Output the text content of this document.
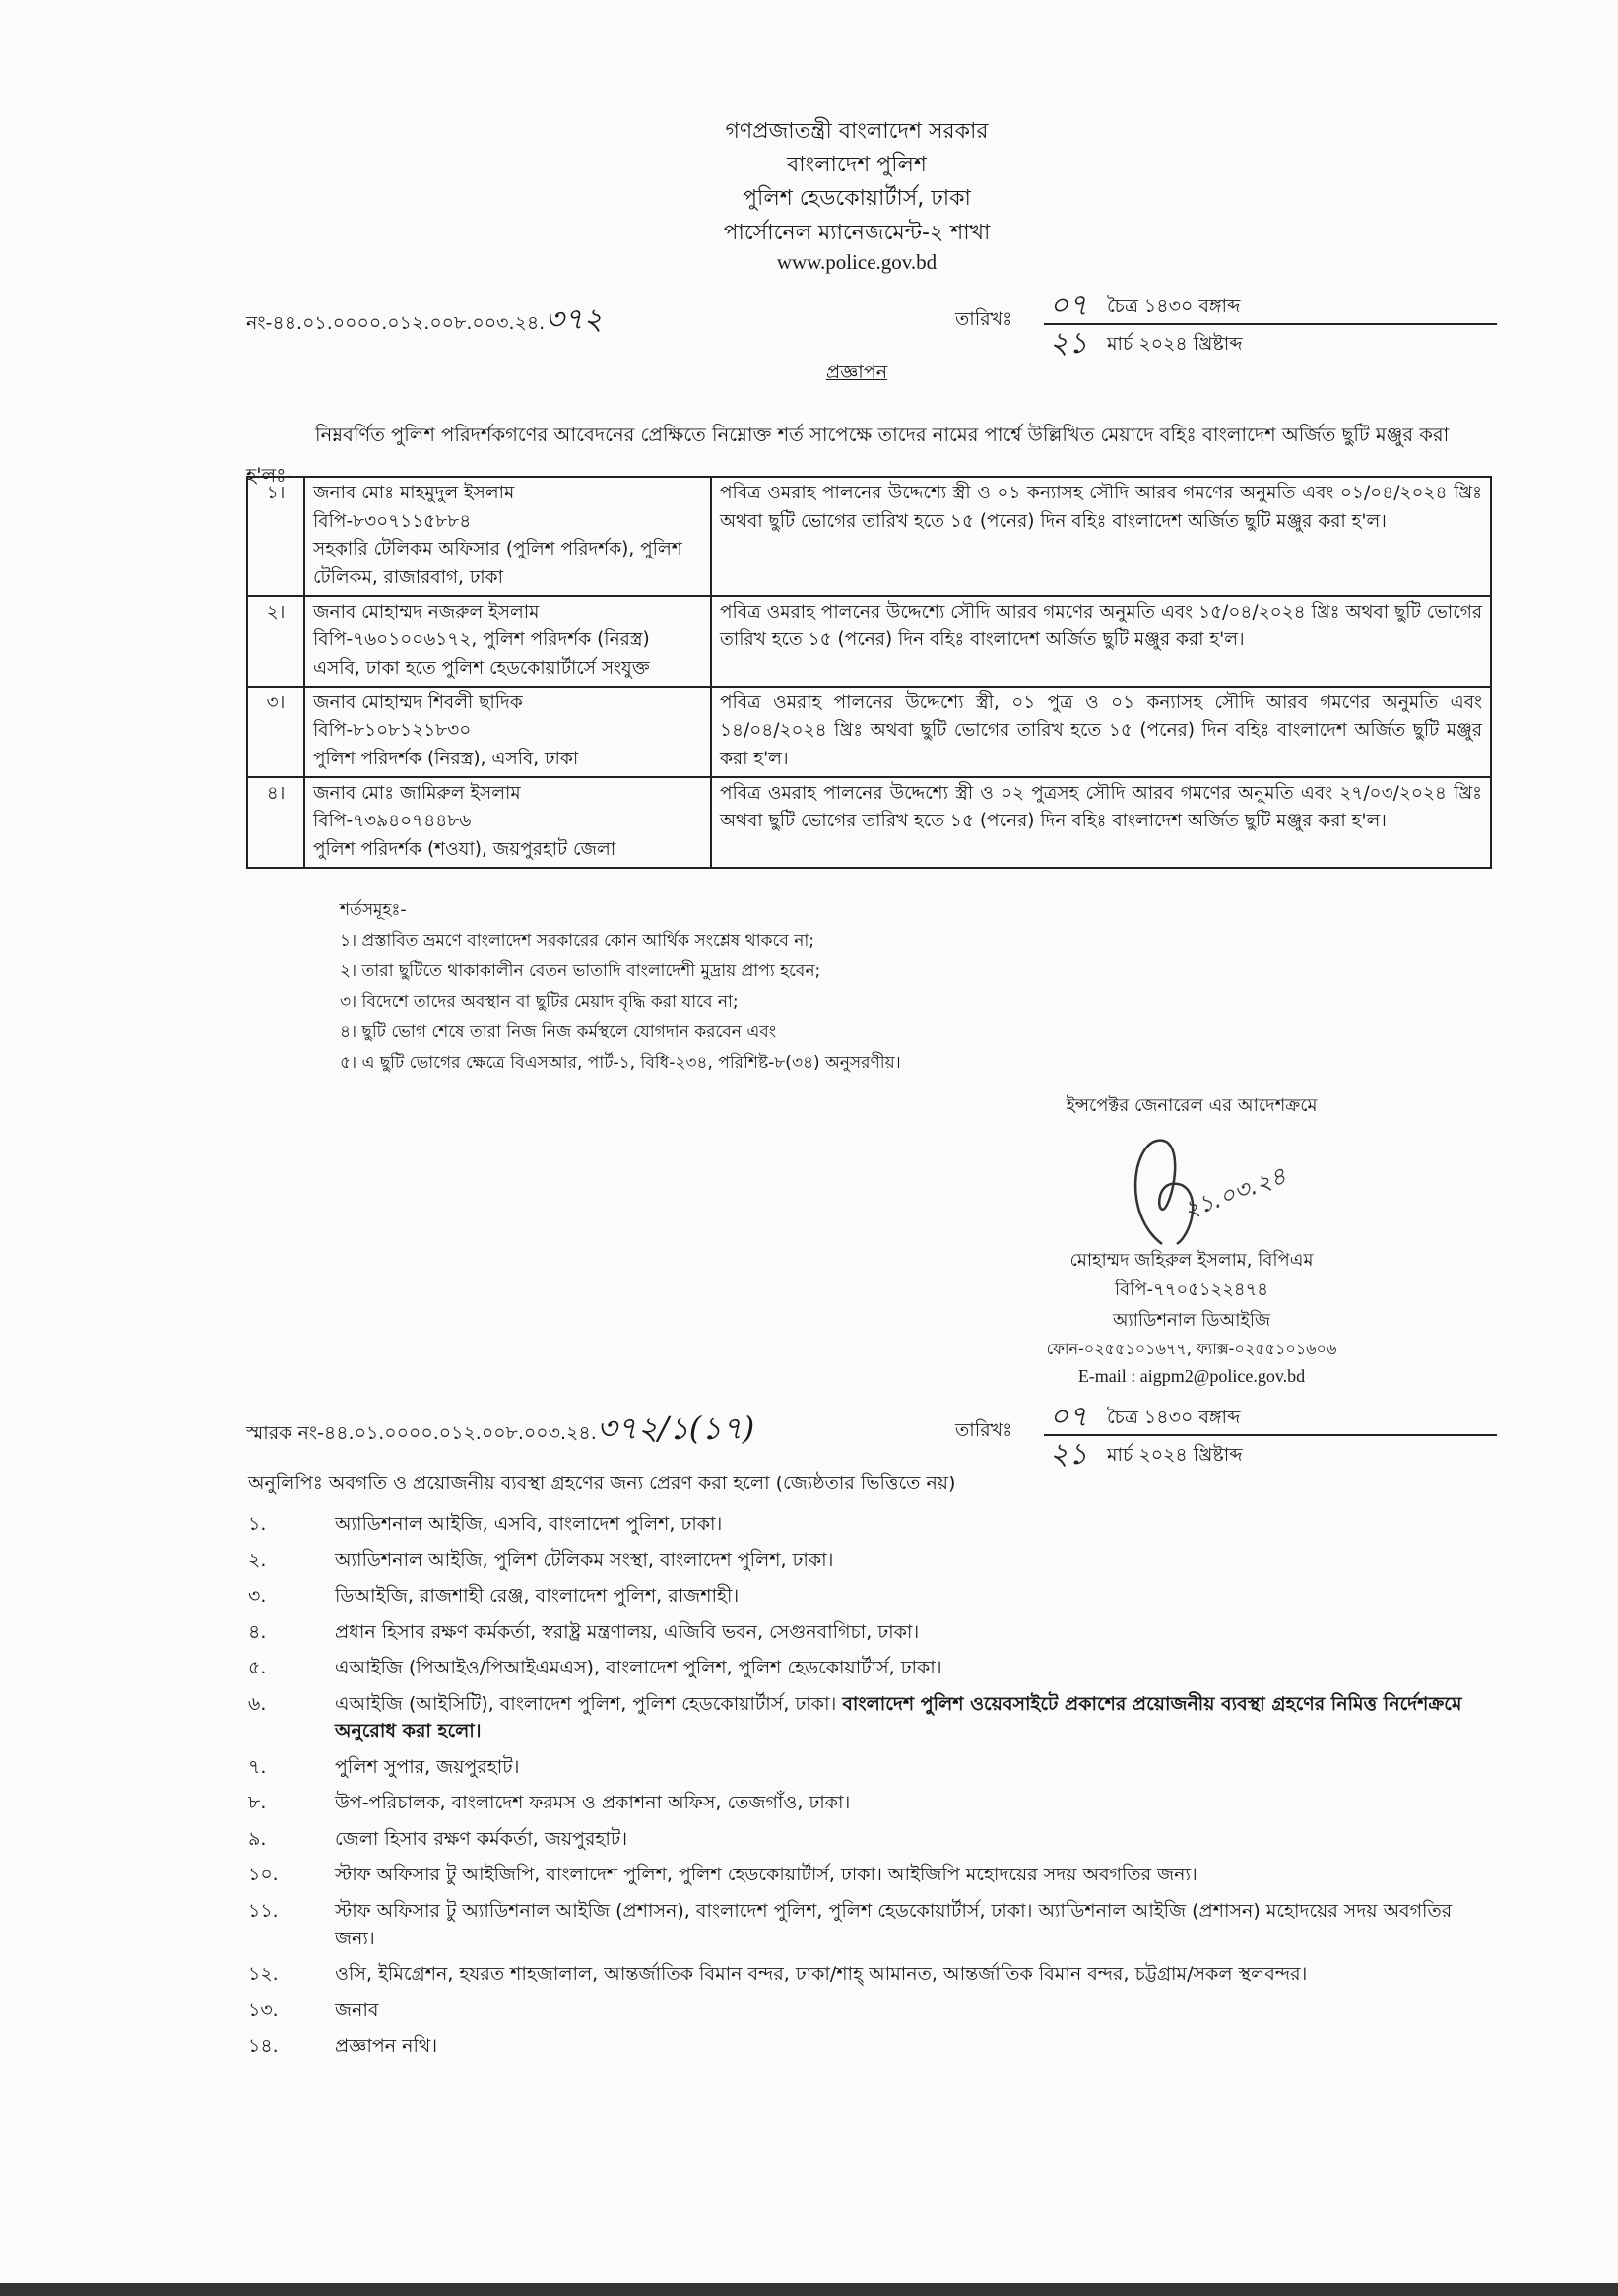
গণপ্রজাতন্ত্রী বাংলাদেশ সরকার
বাংলাদেশ পুলিশ
পুলিশ হেডকোয়ার্টার্স, ঢাকা
পার্সোনেল ম্যানেজমেন্ট-২ শাখা
www.police.gov.bd
নং-৪৪.০১.০০০০.০১২.০০৮.০০৩.২৪.৩৭২	তারিখঃ ০৭ চৈত্র ১৪৩০ বঙ্গাব্দ
২১ মার্চ ২০২৪ খ্রিষ্টাব্দ
প্রজ্ঞাপন
নিম্নবর্ণিত পুলিশ পরিদর্শকগণের আবেদনের প্রেক্ষিতে নিম্নোক্ত শর্ত সাপেক্ষে তাদের নামের পার্শ্বে উল্লিখিত মেয়াদে বহিঃ বাংলাদেশ অর্জিত ছুটি মঞ্জুর করা হ'লঃ-
১।	জনাব মোঃ মাহমুদুল ইসলাম
বিপি-৮৩০৭১১৫৮৮৪
সহকারি টেলিকম অফিসার (পুলিশ পরিদর্শক), পুলিশ টেলিকম, রাজারবাগ, ঢাকা	পবিত্র ওমরাহ পালনের উদ্দেশ্যে স্ত্রী ও ০১ কন্যাসহ সৌদি আরব গমণের অনুমতি এবং ০১/০৪/২০২৪ খ্রিঃ অথবা ছুটি ভোগের তারিখ হতে ১৫ (পনের) দিন বহিঃ বাংলাদেশ অর্জিত ছুটি মঞ্জুর করা হ'ল।
২।	জনাব মোহাম্মদ নজরুল ইসলাম
বিপি-৭৬০১০০৬১৭২, পুলিশ পরিদর্শক (নিরস্ত্র)
এসবি, ঢাকা হতে পুলিশ হেডকোয়ার্টার্সে সংযুক্ত	পবিত্র ওমরাহ পালনের উদ্দেশ্যে সৌদি আরব গমণের অনুমতি এবং ১৫/০৪/২০২৪ খ্রিঃ অথবা ছুটি ভোগের তারিখ হতে ১৫ (পনের) দিন বহিঃ বাংলাদেশ অর্জিত ছুটি মঞ্জুর করা হ'ল।
৩।	জনাব মোহাম্মদ শিবলী ছাদিক
বিপি-৮১০৮১২১৮৩০
পুলিশ পরিদর্শক (নিরস্ত্র), এসবি, ঢাকা	পবিত্র ওমরাহ পালনের উদ্দেশ্যে স্ত্রী, ০১ পুত্র ও ০১ কন্যাসহ সৌদি আরব গমণের অনুমতি এবং ১৪/০৪/২০২৪ খ্রিঃ অথবা ছুটি ভোগের তারিখ হতে ১৫ (পনের) দিন বহিঃ বাংলাদেশ অর্জিত ছুটি মঞ্জুর করা হ'ল।
৪।	জনাব মোঃ জামিরুল ইসলাম
বিপি-৭৩৯৪০৭৪৪৮৬
পুলিশ পরিদর্শক (শওযা), জয়পুরহাট জেলা	পবিত্র ওমরাহ পালনের উদ্দেশ্যে স্ত্রী ও ০২ পুত্রসহ সৌদি আরব গমণের অনুমতি এবং ২৭/০৩/২০২৪ খ্রিঃ অথবা ছুটি ভোগের তারিখ হতে ১৫ (পনের) দিন বহিঃ বাংলাদেশ অর্জিত ছুটি মঞ্জুর করা হ'ল।
শর্তসমূহঃ-
১। প্রস্তাবিত ভ্রমণে বাংলাদেশ সরকারের কোন আর্থিক সংশ্লেষ থাকবে না;
২। তারা ছুটিতে থাকাকালীন বেতন ভাতাদি বাংলাদেশী মুদ্রায় প্রাপ্য হবেন;
৩। বিদেশে তাদের অবস্থান বা ছুটির মেয়াদ বৃদ্ধি করা যাবে না;
৪। ছুটি ভোগ শেষে তারা নিজ নিজ কর্মস্থলে যোগদান করবেন এবং
৫। এ ছুটি ভোগের ক্ষেত্রে বিএসআর, পার্ট-১, বিধি-২৩৪, পরিশিষ্ট-৮(৩৪) অনুসরণীয়।
ইন্সপেক্টর জেনারেল এর আদেশক্রমে
২১.০৩.২৪
মোহাম্মদ জহিরুল ইসলাম, বিপিএম
বিপি-৭৭০৫১২২৪৭৪
অ্যাডিশনাল ডিআইজি
ফোন-০২৫৫১০১৬৭৭, ফ্যাক্স-০২৫৫১০১৬০৬
E-mail : aigpm2@police.gov.bd
স্মারক নং-৪৪.০১.০০০০.০১২.০০৮.০০৩.২৪.৩৭২/১(১৭)	তারিখঃ ০৭ চৈত্র ১৪৩০ বঙ্গাব্দ
২১ মার্চ ২০২৪ খ্রিষ্টাব্দ
অনুলিপিঃ অবগতি ও প্রয়োজনীয় ব্যবস্থা গ্রহণের জন্য প্রেরণ করা হলো (জ্যেষ্ঠতার ভিত্তিতে নয়)
১.	অ্যাডিশনাল আইজি, এসবি, বাংলাদেশ পুলিশ, ঢাকা।
২.	অ্যাডিশনাল আইজি, পুলিশ টেলিকম সংস্থা, বাংলাদেশ পুলিশ, ঢাকা।
৩.	ডিআইজি, রাজশাহী রেঞ্জ, বাংলাদেশ পুলিশ, রাজশাহী।
৪.	প্রধান হিসাব রক্ষণ কর্মকর্তা, স্বরাষ্ট্র মন্ত্রণালয়, এজিবি ভবন, সেগুনবাগিচা, ঢাকা।
৫.	এআইজি (পিআইও/পিআইএমএস), বাংলাদেশ পুলিশ, পুলিশ হেডকোয়ার্টার্স, ঢাকা।
৬.	এআইজি (আইসিটি), বাংলাদেশ পুলিশ, পুলিশ হেডকোয়ার্টার্স, ঢাকা। বাংলাদেশ পুলিশ ওয়েবসাইটে প্রকাশের প্রয়োজনীয় ব্যবস্থা গ্রহণের নিমিত্ত নির্দেশক্রমে অনুরোধ করা হলো।
৭.	পুলিশ সুপার, জয়পুরহাট।
৮.	উপ-পরিচালক, বাংলাদেশ ফরমস ও প্রকাশনা অফিস, তেজগাঁও, ঢাকা।
৯.	জেলা হিসাব রক্ষণ কর্মকর্তা, জয়পুরহাট।
১০.	স্টাফ অফিসার টু আইজিপি, বাংলাদেশ পুলিশ, পুলিশ হেডকোয়ার্টার্স, ঢাকা। আইজিপি মহোদয়ের সদয় অবগতির জন্য।
১১.	স্টাফ অফিসার টু অ্যাডিশনাল আইজি (প্রশাসন), বাংলাদেশ পুলিশ, পুলিশ হেডকোয়ার্টার্স, ঢাকা। অ্যাডিশনাল আইজি (প্রশাসন) মহোদয়ের সদয় অবগতির জন্য।
১২.	ওসি, ইমিগ্রেশন, হযরত শাহজালাল, আন্তর্জাতিক বিমান বন্দর, ঢাকা/শাহ্ আমানত, আন্তর্জাতিক বিমান বন্দর, চট্টগ্রাম/সকল স্থলবন্দর।
১৩.	জনাব
১৪.	প্রজ্ঞাপন নথি।
